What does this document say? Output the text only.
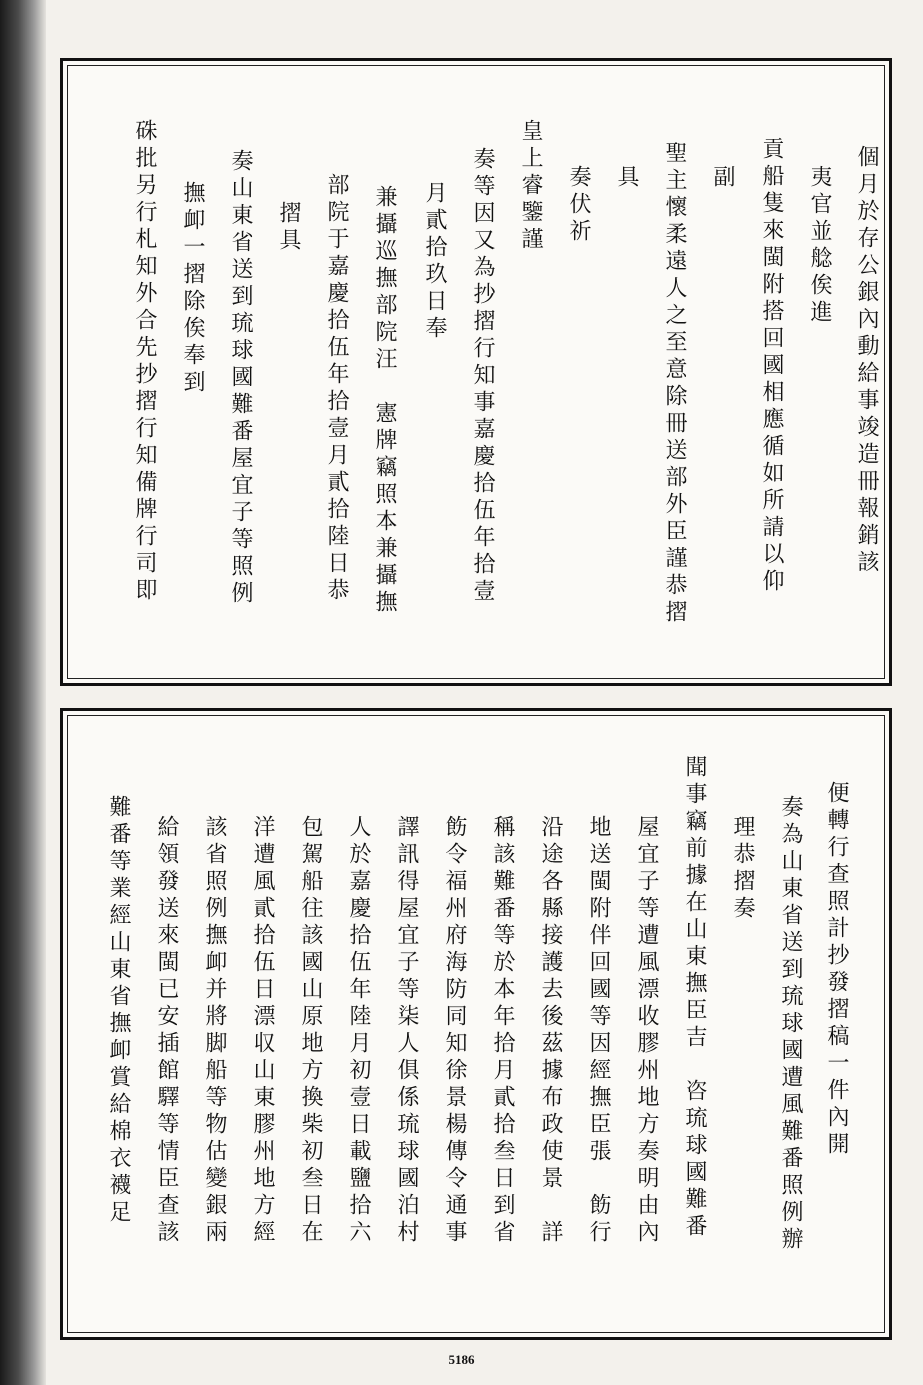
個月於存公銀內動給事竣造冊報銷該
夷官並艌俟進
貢船隻來閩附搭回國相應循如所請以仰
副
聖主懷柔遠人之至意除冊送部外臣謹恭摺
具
奏伏祈
皇上睿鑒謹
奏等因又為抄摺行知事嘉慶拾伍年拾壹
月貳拾玖日奉
兼攝巡撫部院汪　憲牌竊照本兼攝撫
部院于嘉慶拾伍年拾壹月貳拾陸日恭
摺具
奏山東省送到琉球國難番屋宜子等照例
撫卹一摺除俟奉到
硃批另行札知外合先抄摺行知備牌行司即
便轉行查照計抄發摺稿一件內開
奏為山東省送到琉球國遭風難番照例辦
理恭摺奏
聞事竊前據在山東撫臣吉　咨琉球國難番
屋宜子等遭風漂收膠州地方奏明由內
地送閩附伴回國等因經撫臣張　飭行
沿途各縣接護去後茲據布政使景　詳
稱該難番等於本年拾月貳拾叁日到省
飭令福州府海防同知徐景楊傳令通事
譯訊得屋宜子等柒人俱係琉球國泊村
人於嘉慶拾伍年陸月初壹日載鹽拾六
包駕船往該國山原地方換柴初叁日在
洋遭風貳拾伍日漂収山東膠州地方經
該省照例撫卹并將脚船等物估變銀兩
給領發送來閩已安插館驛等情臣查該
難番等業經山東省撫卹賞給棉衣襪足
5186
